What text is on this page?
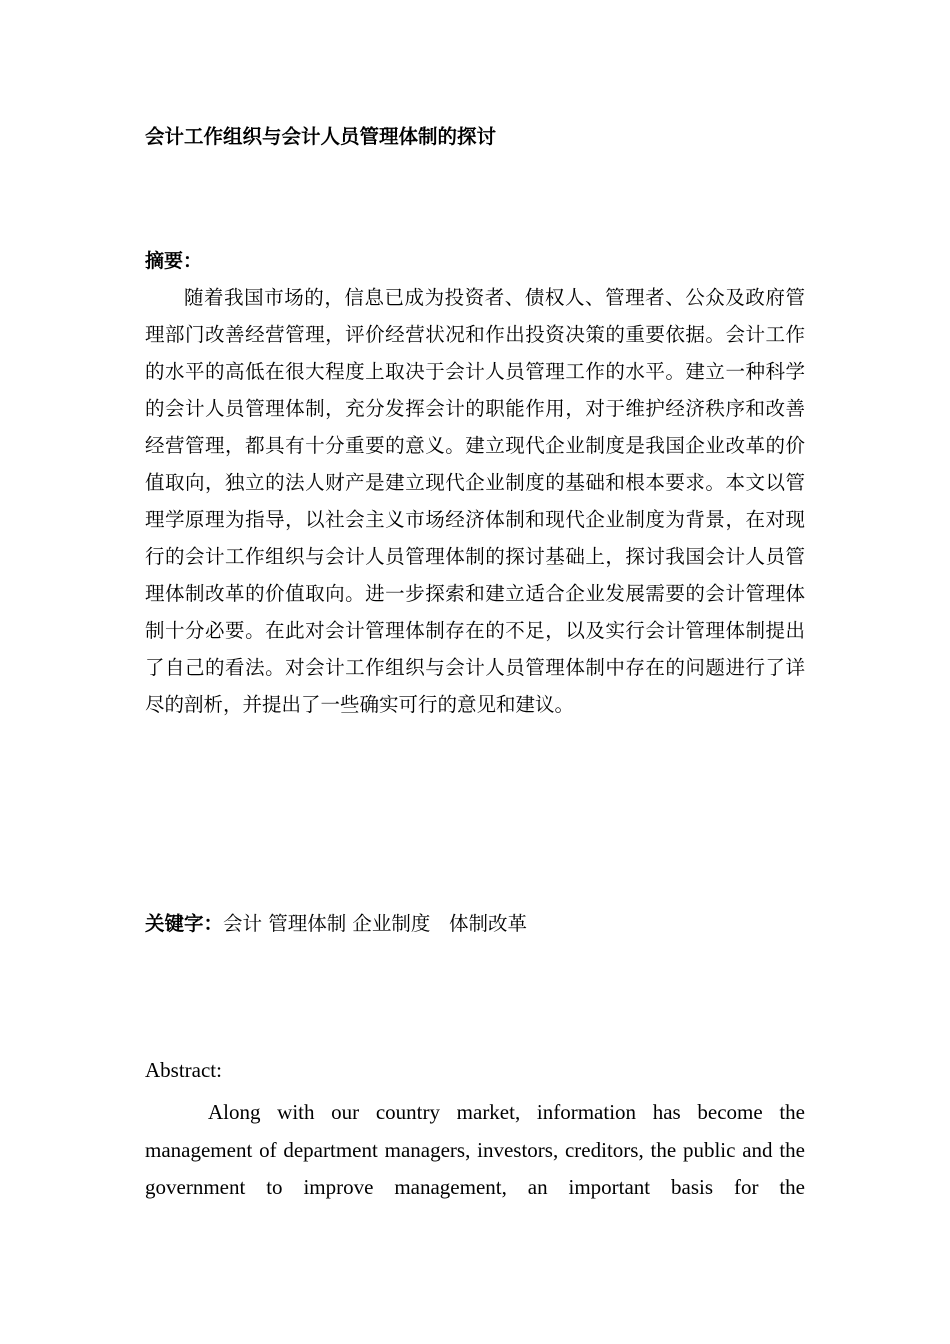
会计工作组织与会计人员管理体制的探讨
摘要：

随着我国市场的，信息已成为投资者、债权人、管理者、公众及政府管理部门改善经营管理，评价经营状况和作出投资决策的重要依据。会计工作的水平的高低在很大程度上取决于会计人员管理工作的水平。建立一种科学的会计人员管理体制，充分发挥会计的职能作用，对于维护经济秩序和改善经营管理，都具有十分重要的意义。建立现代企业制度是我国企业改革的价值取向，独立的法人财产是建立现代企业制度的基础和根本要求。本文以管理学原理为指导，以社会主义市场经济体制和现代企业制度为背景，在对现行的会计工作组织与会计人员管理体制的探讨基础上，探讨我国会计人员管理体制改革的价值取向。进一步探索和建立适合企业发展需要的会计管理体制十分必要。在此对会计管理体制存在的不足，以及实行会计管理体制提出了自己的看法。对会计工作组织与会计人员管理体制中存在的问题进行了详尽的剖析，并提出了一些确实可行的意见和建议。

关键字：会计 管理体制 企业制度   体制改革
Abstract:

Along with our country market, information has become the management of department managers, investors, creditors, the public and the government to improve management, an important basis for the
